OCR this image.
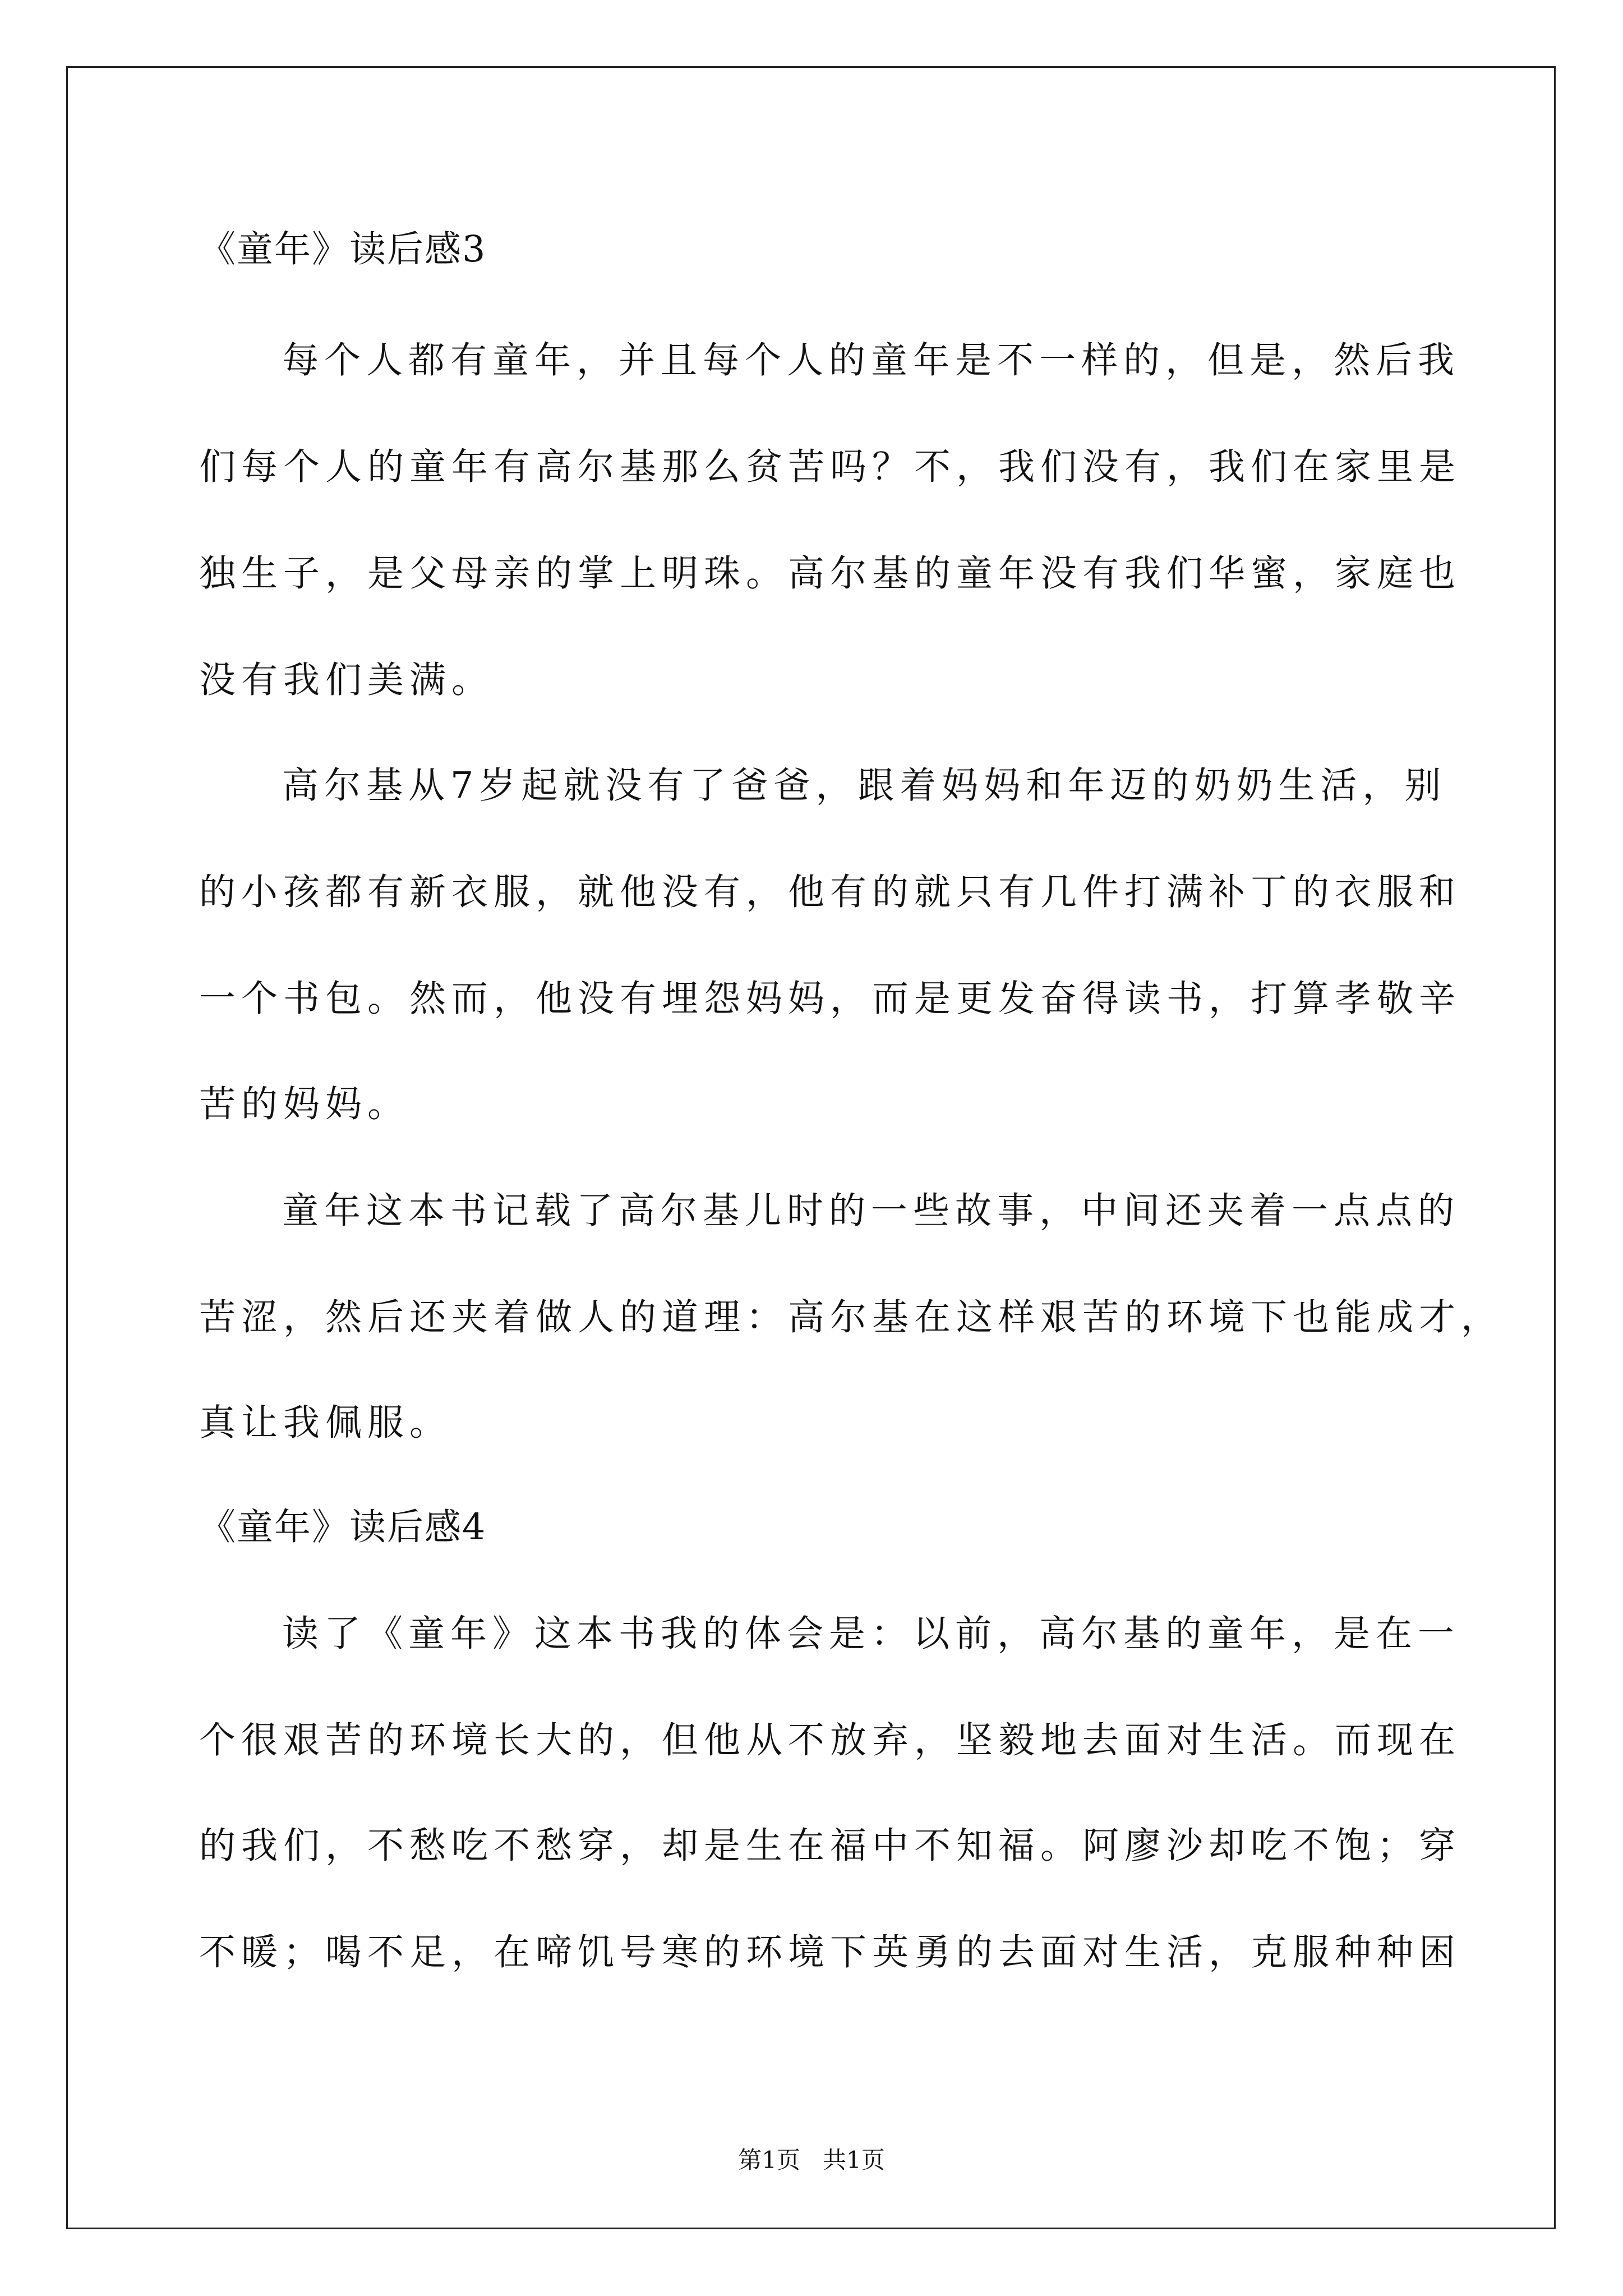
《童年》读后感3
每个人都有童年，并且每个人的童年是不一样的，但是，然后我
们每个人的童年有高尔基那么贫苦吗？不，我们没有，我们在家里是
独生子，是父母亲的掌上明珠。高尔基的童年没有我们华蜜，家庭也
没有我们美满。
高尔基从7岁起就没有了爸爸，跟着妈妈和年迈的奶奶生活，别
的小孩都有新衣服，就他没有，他有的就只有几件打满补丁的衣服和
一个书包。然而，他没有埋怨妈妈，而是更发奋得读书，打算孝敬辛
苦的妈妈。
童年这本书记载了高尔基儿时的一些故事，中间还夹着一点点的
苦涩，然后还夹着做人的道理：高尔基在这样艰苦的环境下也能成才，
真让我佩服。
《童年》读后感4
读了《童年》这本书我的体会是：以前，高尔基的童年，是在一
个很艰苦的环境长大的，但他从不放弃，坚毅地去面对生活。而现在
的我们，不愁吃不愁穿，却是生在福中不知福。阿廖沙却吃不饱；穿
不暖；喝不足，在啼饥号寒的环境下英勇的去面对生活，克服种种困
第1页   共1页
